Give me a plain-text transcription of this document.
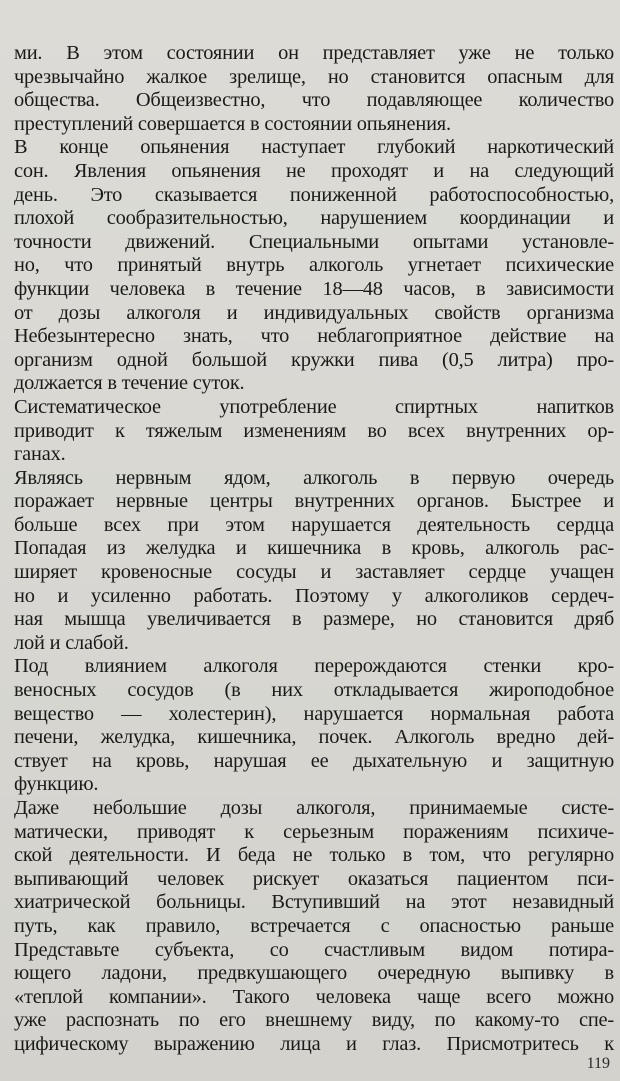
ми. В этом состоянии он представляет уже не только
чрезвычайно жалкое зрелище, но становится опасным для
общества. Общеизвестно, что подавляющее количество
преступлений совершается в состоянии опьянения.
В конце опьянения наступает глубокий наркотический
сон. Явления опьянения не проходят и на следующий
день. Это сказывается пониженной работоспособностью,
плохой сообразительностью, нарушением координации и
точности движений. Специальными опытами установле-
но, что принятый внутрь алкоголь угнетает психические
функции человека в течение 18—48 часов, в зависимости
от дозы алкоголя и индивидуальных свойств организма
Небезынтересно знать, что неблагоприятное действие на
организм одной большой кружки пива (0,5 литра) про-
должается в течение суток.
Систематическое употребление спиртных напитков
приводит к тяжелым изменениям во всех внутренних ор-
ганах.
Являясь нервным ядом, алкоголь в первую очередь
поражает нервные центры внутренних органов. Быстрее и
больше всех при этом нарушается деятельность сердца
Попадая из желудка и кишечника в кровь, алкоголь рас-
ширяет кровеносные сосуды и заставляет сердце учащен
но и усиленно работать. Поэтому у алкоголиков сердеч-
ная мышца увеличивается в размере, но становится дряб
лой и слабой.
Под влиянием алкоголя перерождаются стенки кро-
веносных сосудов (в них откладывается жироподобное
вещество — холестерин), нарушается нормальная работа
печени, желудка, кишечника, почек. Алкоголь вредно дей-
ствует на кровь, нарушая ее дыхательную и защитную
функцию.
Даже небольшие дозы алкоголя, принимаемые систе-
матически, приводят к серьезным поражениям психиче-
ской деятельности. И беда не только в том, что регулярно
выпивающий человек рискует оказаться пациентом пси-
хиатрической больницы. Вступивший на этот незавидный
путь, как правило, встречается с опасностью раньше
Представьте субъекта, со счастливым видом потира-
ющего ладони, предвкушающего очередную выпивку в
«теплой компании». Такого человека чаще всего можно
уже распознать по его внешнему виду, по какому-то спе-
цифическому выражению лица и глаз. Присмотритесь к
119
